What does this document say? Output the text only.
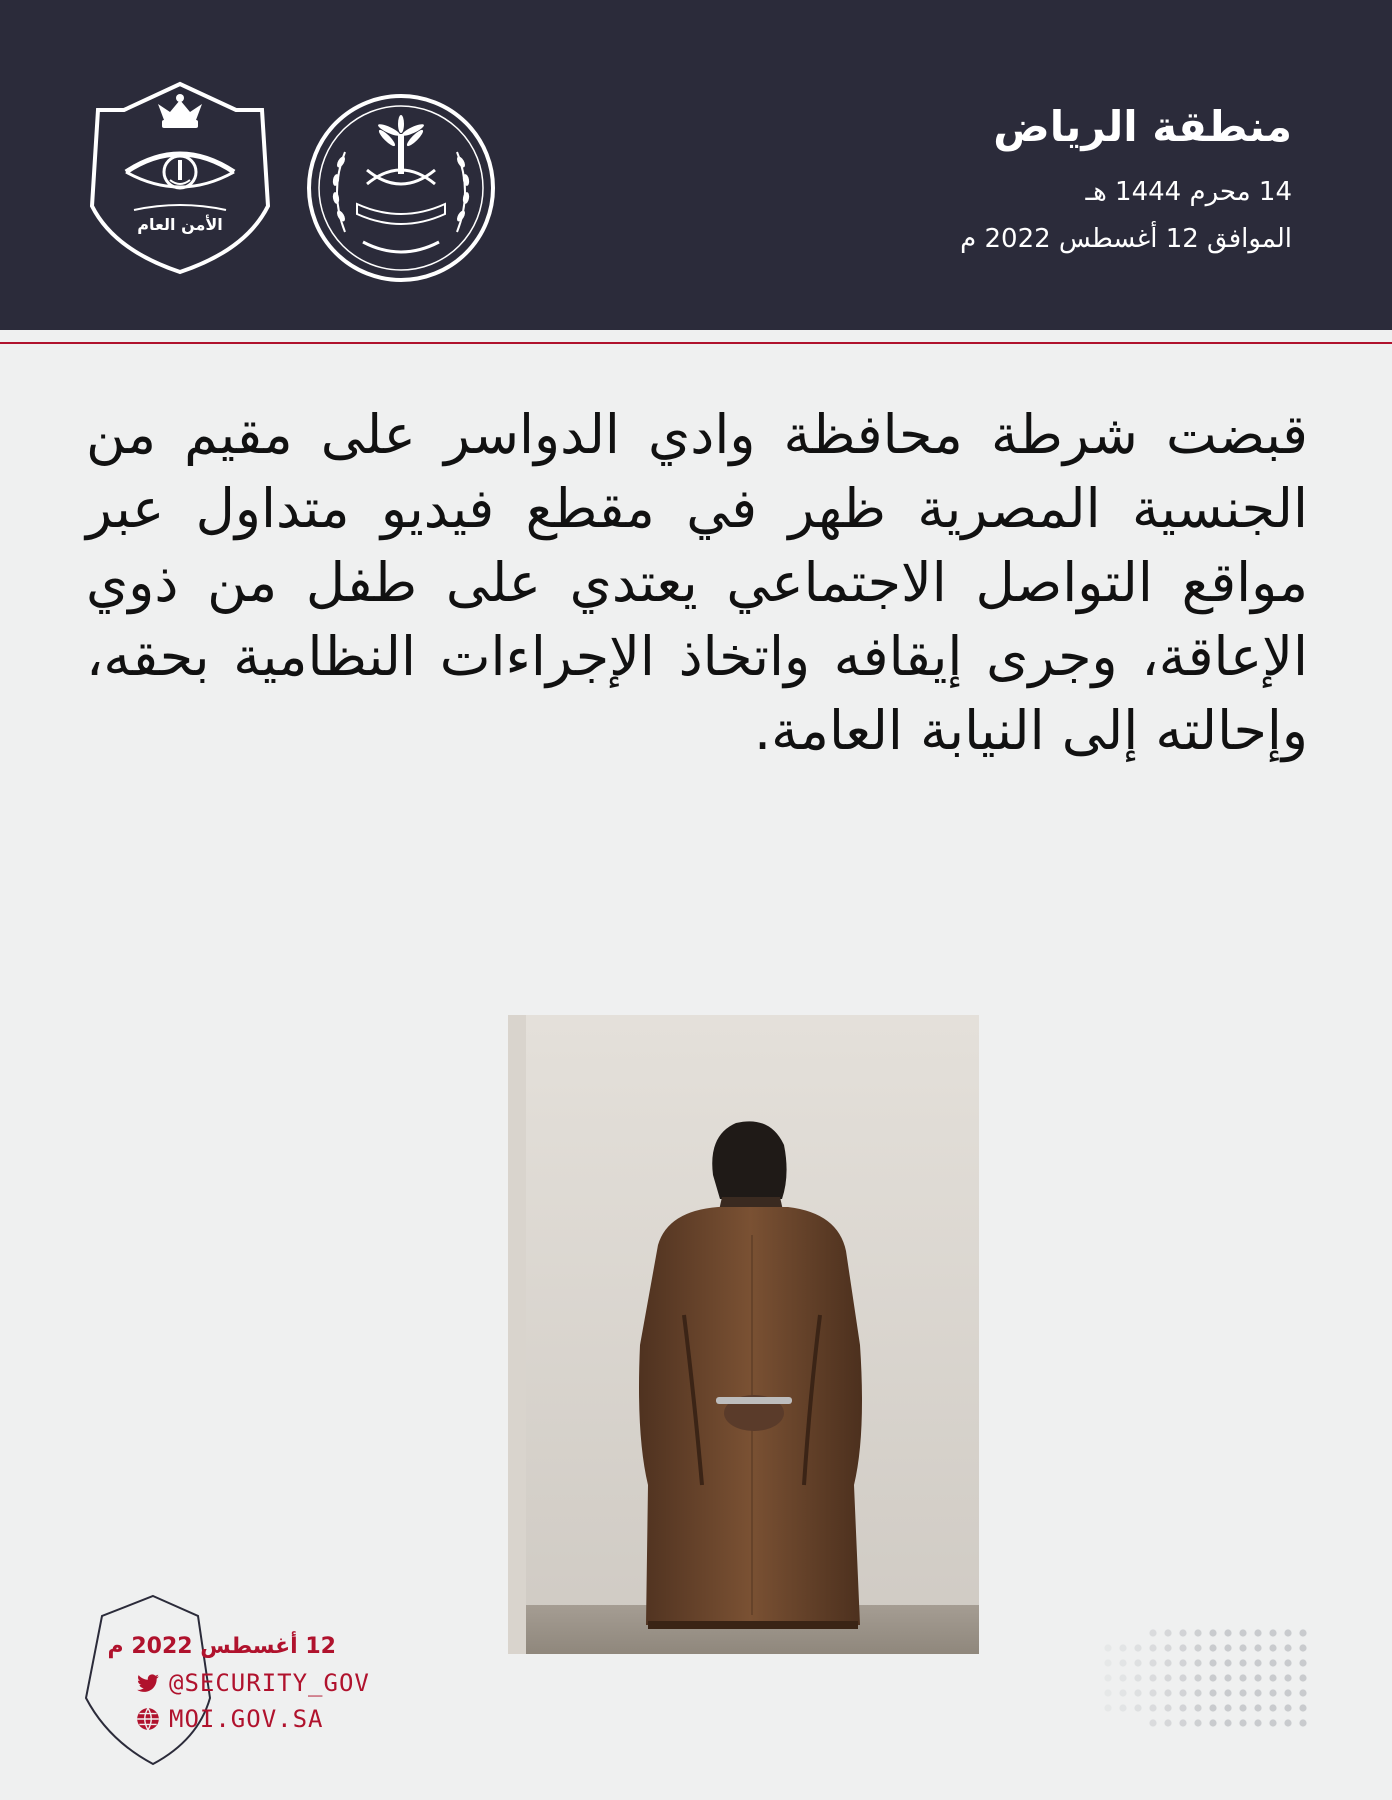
منطقة الرياض
14 محرم 1444 هـ
الموافق 12 أغسطس 2022 م
الأمن العام
قبضت شرطة محافظة وادي الدواسر على مقيم من الجنسية المصرية ظهر في مقطع فيديو متداول عبر مواقع التواصل الاجتماعي يعتدي على طفل من ذوي الإعاقة، وجرى إيقافه واتخاذ الإجراءات النظامية بحقه، وإحالته إلى النيابة العامة.
12 أغسطس 2022 م
@SECURITY_GOV
MOI.GOV.SA
